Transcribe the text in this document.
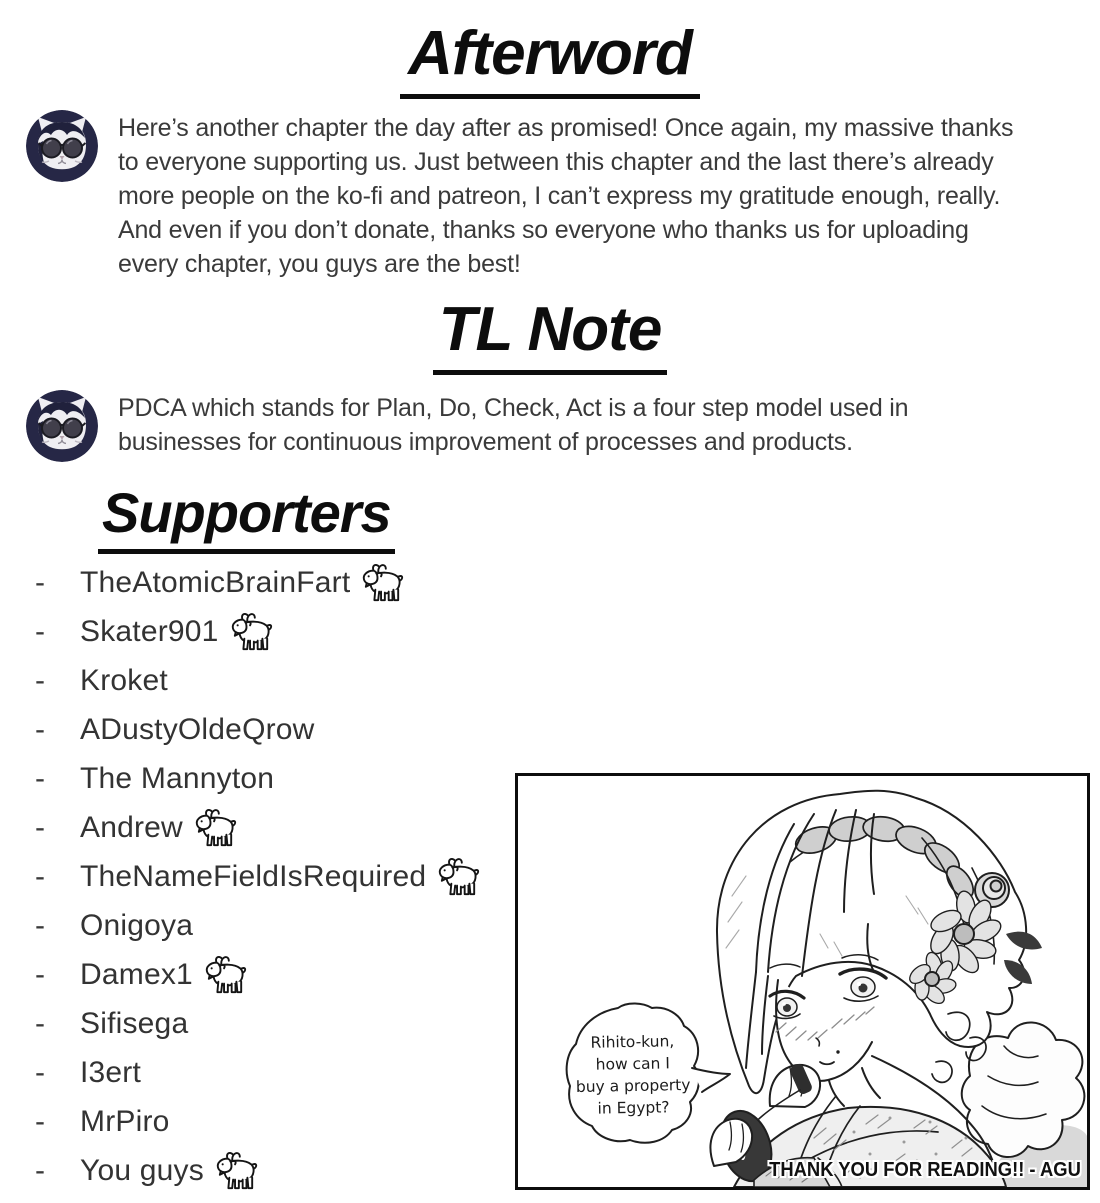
Afterword
Here’s another chapter the day after as promised! Once again, my massive thanks
to everyone supporting us. Just between this chapter and the last there’s already
more people on the ko-fi and patreon, I can’t express my gratitude enough, really.
And even if you don’t donate, thanks so everyone who thanks us for uploading
every chapter, you guys are the best!
TL Note
PDCA which stands for Plan, Do, Check, Act is a four step model used in
businesses for continuous improvement of processes and products.
Supporters
-	TheAtomicBrainFart
-	Skater901
-	Kroket
-	ADustyOldeQrow
-	The Mannyton
-	Andrew
-	TheNameFieldIsRequired
-	Onigoya
-	Damex1
-	Sifisega
-	I3ert
-	MrPiro
-	You guys
Rihito-kun,
how can I
buy a property
in Egypt?
THANK YOU FOR READING!! - AGU
